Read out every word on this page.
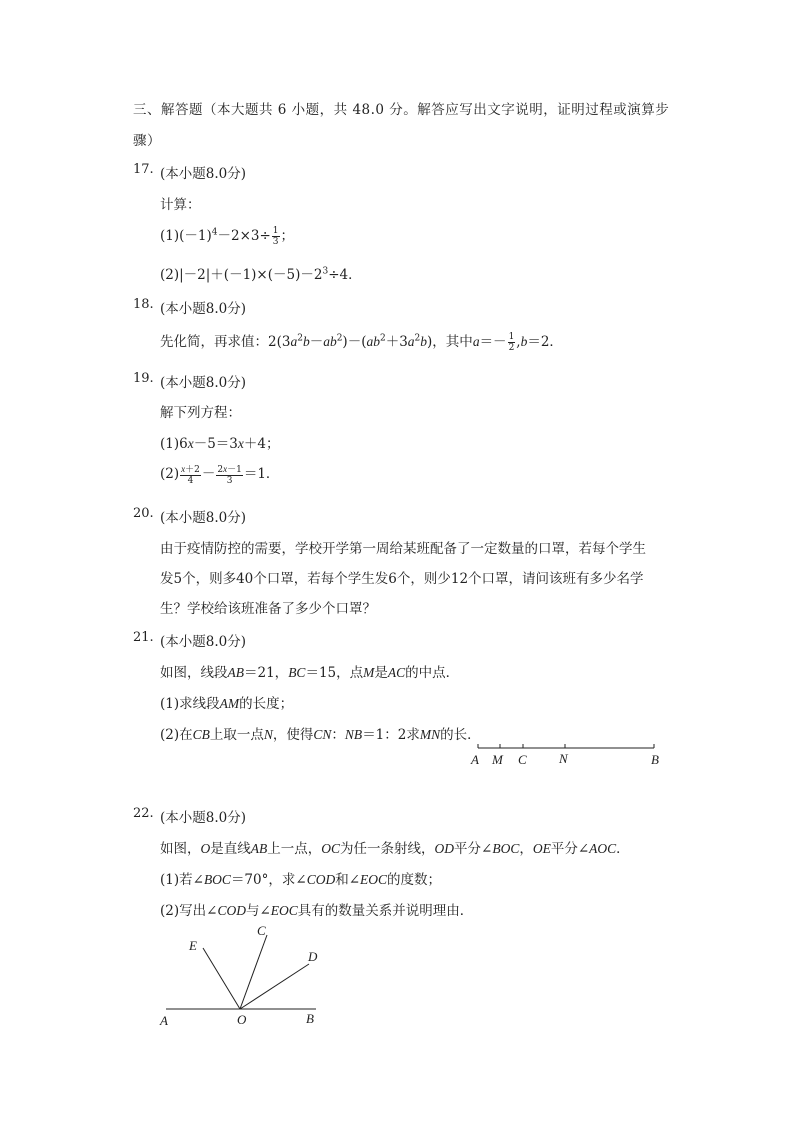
三、解答题（本大题共 6 小题，共 48.0 分。解答应写出文字说明，证明过程或演算步
骤）
17. (本小题8.0分)
计算：
$(1)(-1)^4-2\times 3\div \frac{1}{3}$ ；
$(2)|-2|+(-1)\times(-5)-2^3\div 4$．
18. (本小题8.0分)
先化简，再求值：$2(3a^2b-ab^2)-(ab^2+3a^2b)$，其中$a=- \frac{1}{2} ,b=2$．
19. (本小题8.0分)
解下列方程：
(1)6x－5＝3x＋4；
$(2) \frac{x+2}{4} - \frac{2x-1}{3} =1$．
20. (本小题8.0分)
由于疫情防控的需要，学校开学第一周给某班配备了一定数量的口罩，若每个学生
发5个，则多40个口罩，若每个学生发6个，则少12个口罩，请问该班有多少名学
生？学校给该班准备了多少个口罩？
21. (本小题8.0分)
如图，线段AB＝21，BC＝15，点M是AC的中点．
(1)求线段AM的长度；
(2)在CB上取一点N，使得CN：NB＝1：2求MN的长．
A M C N	B
22. (本小题8.0分)
如图，O是直线AB上一点，OC为任一条射线，OD平分∠BOC，OE平分∠AOC．
(1)若∠BOC＝70°，求∠COD和∠EOC的度数；
(2)写出∠COD与∠EOC具有的数量关系并说明理由．
E
C
D
A	O	B
